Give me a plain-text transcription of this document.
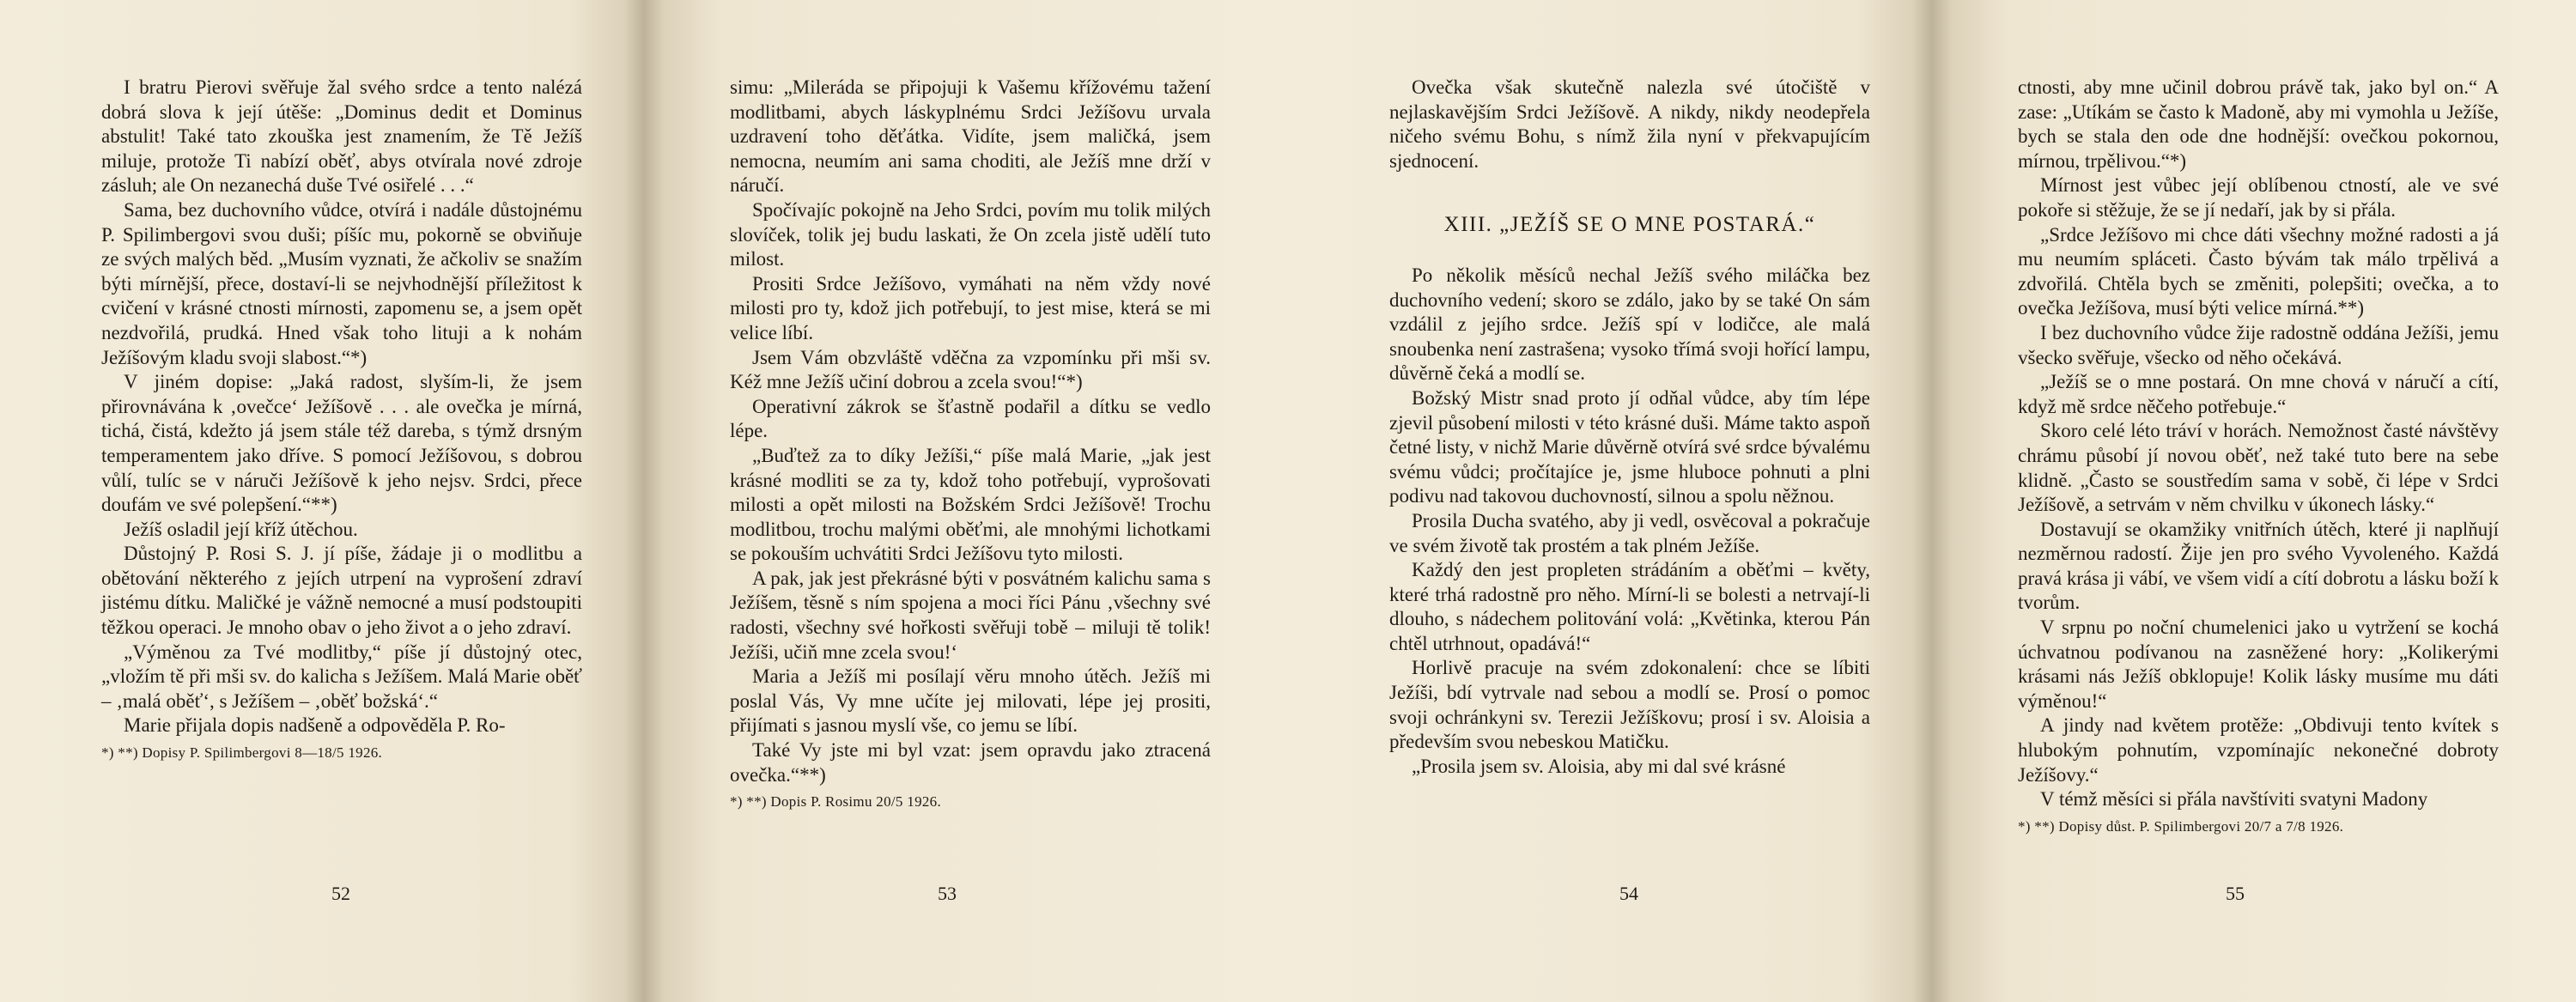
I bratru Pierovi svěřuje žal svého srdce a tento nalézá dobrá slova k její útěše: „Dominus dedit et Dominus abstulit! Také tato zkouška jest znamením, že Tě Ježíš miluje, protože Ti nabízí oběť, abys otvírala nové zdroje zásluh; ale On nezanechá duše Tvé osiřelé . . .“

Sama, bez duchovního vůdce, otvírá i nadále důstojnému P. Spilimbergovi svou duši; píšíc mu, pokorně se obviňuje ze svých malých běd. „Musím vyznati, že ačkoliv se snažím býti mírnější, přece, dostaví-li se nejvhodnější příležitost k cvičení v krásné ctnosti mírnosti, zapomenu se, a jsem opět nezdvořilá, prudká. Hned však toho lituji a k nohám Ježíšovým kladu svoji slabost.“*)

V jiném dopise: „Jaká radost, slyším-li, že jsem přirovnávána k ‚ovečce‘ Ježíšově . . . ale ovečka je mírná, tichá, čistá, kdežto já jsem stále též dareba, s týmž drsným temperamentem jako dříve. S pomocí Ježíšovou, s dobrou vůlí, tulíc se v náruči Ježíšově k jeho nejsv. Srdci, přece doufám ve své polepšení.“**)

Ježíš osladil její kříž útěchou.

Důstojný P. Rosi S. J. jí píše, žádaje ji o modlitbu a obětování některého z jejích utrpení na vyprošení zdraví jistému dítku. Maličké je vážně nemocné a musí podstoupiti těžkou operaci. Je mnoho obav o jeho život a o jeho zdraví.

„Výměnou za Tvé modlitby,“ píše jí důstojný otec, „vložím tě při mši sv. do kalicha s Ježíšem. Malá Marie oběť – ‚malá oběť‘, s Ježíšem – ‚oběť božská‘.“

Marie přijala dopis nadšeně a odpověděla P. Ro-

*) **) Dopisy P. Spilimbergovi 8—18/5 1926.

52

simu: „Mileráda se připojuji k Vašemu křížovému tažení modlitbami, abych láskyplnému Srdci Ježíšovu urvala uzdravení toho děťátka. Vidíte, jsem maličká, jsem nemocna, neumím ani sama choditi, ale Ježíš mne drží v náručí.

Spočívajíc pokojně na Jeho Srdci, povím mu tolik milých slovíček, tolik jej budu laskati, že On zcela jistě udělí tuto milost.

Prositi Srdce Ježíšovo, vymáhati na něm vždy nové milosti pro ty, kdož jich potřebují, to jest mise, která se mi velice líbí.

Jsem Vám obzvláště vděčna za vzpomínku při mši sv. Kéž mne Ježíš učiní dobrou a zcela svou!“*)

Operativní zákrok se šťastně podařil a dítku se vedlo lépe.

„Buďtež za to díky Ježíši,“ píše malá Marie, „jak jest krásné modliti se za ty, kdož toho potřebují, vyprošovati milosti a opět milosti na Božském Srdci Ježíšově! Trochu modlitbou, trochu malými oběťmi, ale mnohými lichotkami se pokouším uchvátiti Srdci Ježíšovu tyto milosti.

A pak, jak jest překrásné býti v posvátném kalichu sama s Ježíšem, těsně s ním spojena a moci říci Pánu ‚všechny své radosti, všechny své hořkosti svěřuji tobě – miluji tě tolik! Ježíši, učiň mne zcela svou!‘

Maria a Ježíš mi posílají věru mnoho útěch. Ježíš mi poslal Vás, Vy mne učíte jej milovati, lépe jej prositi, přijímati s jasnou myslí vše, co jemu se líbí.

Také Vy jste mi byl vzat: jsem opravdu jako ztracená ovečka.“**)

*) **) Dopis P. Rosimu 20/5 1926.

53

Ovečka však skutečně nalezla své útočiště v nejlaskavějším Srdci Ježíšově. A nikdy, nikdy neodepřela ničeho svému Bohu, s nímž žila nyní v překvapujícím sjednocení.

XIII. „JEŽÍŠ SE O MNE POSTARÁ.“

Po několik měsíců nechal Ježíš svého miláčka bez duchovního vedení; skoro se zdálo, jako by se také On sám vzdálil z jejího srdce. Ježíš spí v lodičce, ale malá snoubenka není zastrašena; vysoko třímá svoji hořící lampu, důvěrně čeká a modlí se.

Božský Mistr snad proto jí odňal vůdce, aby tím lépe zjevil působení milosti v této krásné duši. Máme takto aspoň četné listy, v nichž Marie důvěrně otvírá své srdce bývalému svému vůdci; pročítajíce je, jsme hluboce pohnuti a plni podivu nad takovou duchovností, silnou a spolu něžnou.

Prosila Ducha svatého, aby ji vedl, osvěcoval a pokračuje ve svém životě tak prostém a tak plném Ježíše.

Každý den jest propleten strádáním a oběťmi – květy, které trhá radostně pro něho. Mírní-li se bolesti a netrvají-li dlouho, s nádechem politování volá: „Květinka, kterou Pán chtěl utrhnout, opadává!“

Horlivě pracuje na svém zdokonalení: chce se líbiti Ježíši, bdí vytrvale nad sebou a modlí se. Prosí o pomoc svoji ochránkyni sv. Terezii Ježíškovu; prosí i sv. Aloisia a především svou nebeskou Matičku.

„Prosila jsem sv. Aloisia, aby mi dal své krásné

54

ctnosti, aby mne učinil dobrou právě tak, jako byl on.“ A zase: „Utíkám se často k Madoně, aby mi vymohla u Ježíše, bych se stala den ode dne hodnější: ovečkou pokornou, mírnou, trpělivou.“*)

Mírnost jest vůbec její oblíbenou ctností, ale ve své pokoře si stěžuje, že se jí nedaří, jak by si přála.

„Srdce Ježíšovo mi chce dáti všechny možné radosti a já mu neumím spláceti. Často bývám tak málo trpělivá a zdvořilá. Chtěla bych se změniti, polepšiti; ovečka, a to ovečka Ježíšova, musí býti velice mírná.**)

I bez duchovního vůdce žije radostně oddána Ježíši, jemu všecko svěřuje, všecko od něho očekává.

„Ježíš se o mne postará. On mne chová v náručí a cítí, když mě srdce něčeho potřebuje.“

Skoro celé léto tráví v horách. Nemožnost časté návštěvy chrámu působí jí novou oběť, než také tuto bere na sebe klidně. „Často se soustředím sama v sobě, či lépe v Srdci Ježíšově, a setrvám v něm chvilku v úkonech lásky.“

Dostavují se okamžiky vnitřních útěch, které ji naplňují nezměrnou radostí. Žije jen pro svého Vyvoleného. Každá pravá krása ji vábí, ve všem vidí a cítí dobrotu a lásku boží k tvorům.

V srpnu po noční chumelenici jako u vytržení se kochá úchvatnou podívanou na zasněžené hory: „Kolikerými krásami nás Ježíš obklopuje! Kolik lásky musíme mu dáti výměnou!“

A jindy nad květem protěže: „Obdivuji tento kvítek s hlubokým pohnutím, vzpomínajíc nekonečné dobroty Ježíšovy.“

V témž měsíci si přála navštíviti svatyni Madony

*) **) Dopisy důst. P. Spilimbergovi 20/7 a 7/8 1926.

55
